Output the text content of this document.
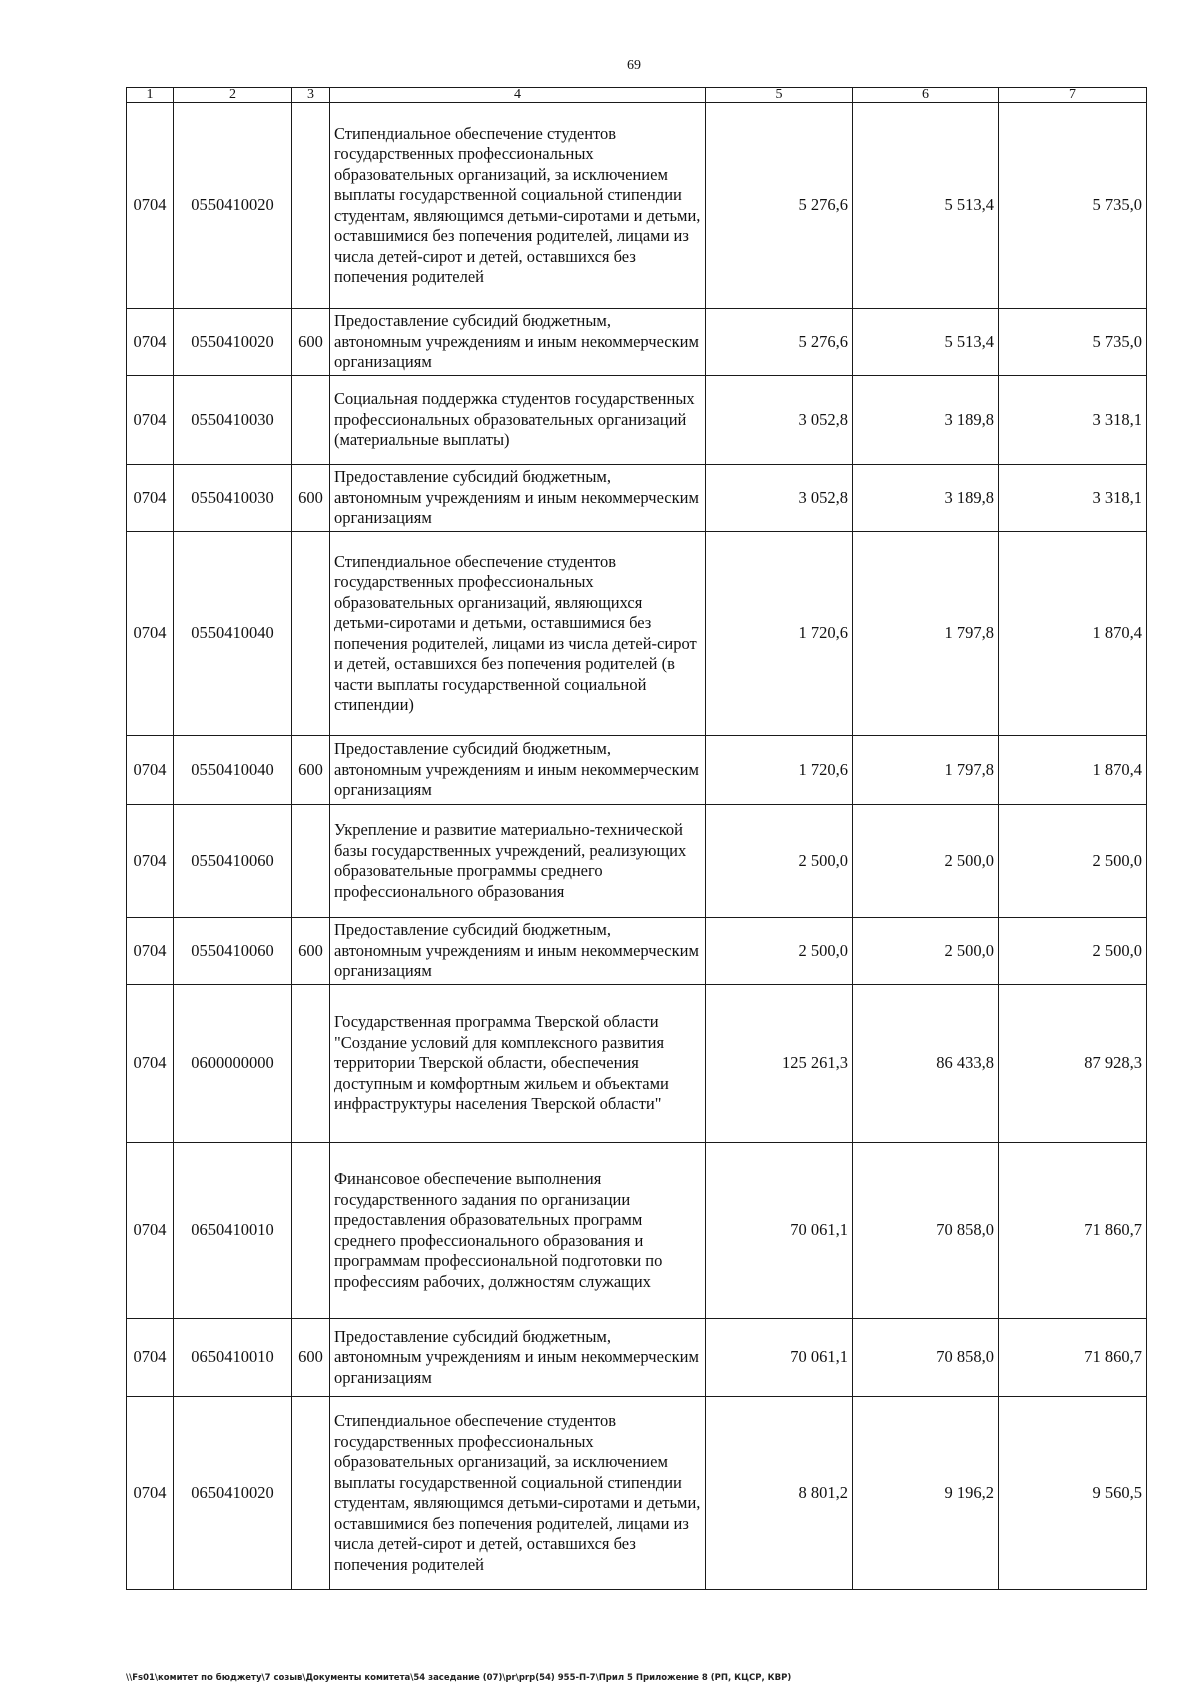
69
1	2	3	4	5	6	7
0704	0550410020		Стипендиальное обеспечение студентов государственных профессиональных образовательных организаций, за исключением выплаты государственной социальной стипендии студентам, являющимся детьми-сиротами и детьми, оставшимися без попечения родителей, лицами из числа детей-сирот и детей, оставшихся без попечения родителей	5 276,6	5 513,4	5 735,0
0704	0550410020	600	Предоставление субсидий бюджетным, автономным учреждениям и иным некоммерческим организациям	5 276,6	5 513,4	5 735,0
0704	0550410030		Социальная поддержка студентов государственных профессиональных образовательных организаций (материальные выплаты)	3 052,8	3 189,8	3 318,1
0704	0550410030	600	Предоставление субсидий бюджетным, автономным учреждениям и иным некоммерческим организациям	3 052,8	3 189,8	3 318,1
0704	0550410040		Стипендиальное обеспечение студентов государственных профессиональных образовательных организаций, являющихся детьми-сиротами и детьми, оставшимися без попечения родителей, лицами из числа детей-сирот и детей, оставшихся без попечения родителей (в части выплаты государственной социальной стипендии)	1 720,6	1 797,8	1 870,4
0704	0550410040	600	Предоставление субсидий бюджетным, автономным учреждениям и иным некоммерческим организациям	1 720,6	1 797,8	1 870,4
0704	0550410060		Укрепление и развитие материально-технической базы государственных учреждений, реализующих образовательные программы среднего профессионального образования	2 500,0	2 500,0	2 500,0
0704	0550410060	600	Предоставление субсидий бюджетным, автономным учреждениям и иным некоммерческим организациям	2 500,0	2 500,0	2 500,0
0704	0600000000		Государственная программа Тверской области "Создание условий для комплексного развития территории Тверской области, обеспечения доступным и комфортным жильем и объектами инфраструктуры населения Тверской области"	125 261,3	86 433,8	87 928,3
0704	0650410010		Финансовое обеспечение выполнения государственного задания по организации предоставления образовательных программ среднего профессионального образования и программам профессиональной подготовки по профессиям рабочих, должностям служащих	70 061,1	70 858,0	71 860,7
0704	0650410010	600	Предоставление субсидий бюджетным, автономным учреждениям и иным некоммерческим организациям	70 061,1	70 858,0	71 860,7
0704	0650410020		Стипендиальное обеспечение студентов государственных профессиональных образовательных организаций, за исключением выплаты государственной социальной стипендии студентам, являющимся детьми-сиротами и детьми, оставшимися без попечения родителей, лицами из числа детей-сирот и детей, оставшихся без попечения родителей	8 801,2	9 196,2	9 560,5
\\Fs01\комитет по бюджету\7 созыв\Документы комитета\54 заседание (07)\pr\prp(54) 955-П-7\Прил 5 Приложение 8 (РП, КЦСР, КВР)
